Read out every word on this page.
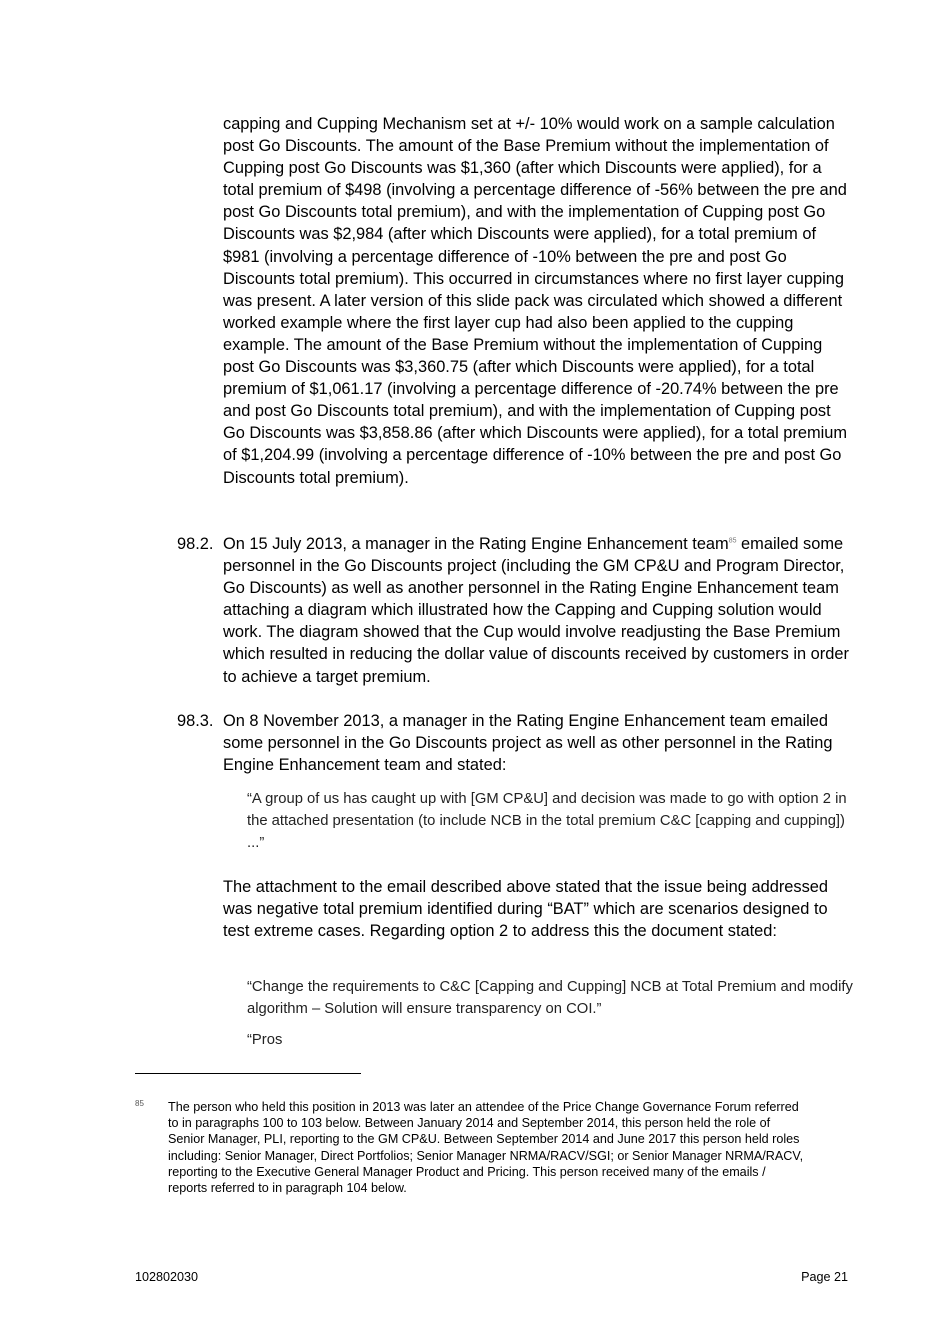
capping and Cupping Mechanism set at +/- 10% would work on a sample calculation post Go Discounts. The amount of the Base Premium without the implementation of Cupping post Go Discounts was $1,360 (after which Discounts were applied), for a total premium of $498 (involving a percentage difference of -56% between the pre and post Go Discounts total premium), and with the implementation of Cupping post Go Discounts was $2,984 (after which Discounts were applied), for a total premium of $981 (involving a percentage difference of -10% between the pre and post Go Discounts total premium). This occurred in circumstances where no first layer cupping was present. A later version of this slide pack was circulated which showed a different worked example where the first layer cup had also been applied to the cupping example. The amount of the Base Premium without the implementation of Cupping post Go Discounts was $3,360.75 (after which Discounts were applied), for a total premium of $1,061.17 (involving a percentage difference of -20.74% between the pre and post Go Discounts total premium), and with the implementation of Cupping post Go Discounts was $3,858.86 (after which Discounts were applied), for a total premium of $1,204.99 (involving a percentage difference of -10% between the pre and post Go Discounts total premium).

98.2. On 15 July 2013, a manager in the Rating Engine Enhancement team$^{85}$ emailed some personnel in the Go Discounts project (including the GM CP&U and Program Director, Go Discounts) as well as another personnel in the Rating Engine Enhancement team attaching a diagram which illustrated how the Capping and Cupping solution would work. The diagram showed that the Cup would involve readjusting the Base Premium which resulted in reducing the dollar value of discounts received by customers in order to achieve a target premium.

98.3. On 8 November 2013, a manager in the Rating Engine Enhancement team emailed some personnel in the Go Discounts project as well as other personnel in the Rating Engine Enhancement team and stated:

“A group of us has caught up with [GM CP&U] and decision was made to go with option 2 in the attached presentation (to include NCB in the total premium C&C [capping and cupping]) ...”

The attachment to the email described above stated that the issue being addressed was negative total premium identified during “BAT” which are scenarios designed to test extreme cases. Regarding option 2 to address this the document stated:

“Change the requirements to C&C [Capping and Cupping] NCB at Total Premium and modify algorithm – Solution will ensure transparency on COI.”

“Pros

85 The person who held this position in 2013 was later an attendee of the Price Change Governance Forum referred to in paragraphs 100 to 103 below. Between January 2014 and September 2014, this person held the role of Senior Manager, PLI, reporting to the GM CP&U. Between September 2014 and June 2017 this person held roles including: Senior Manager, Direct Portfolios; Senior Manager NRMA/RACV/SGI; or Senior Manager NRMA/RACV, reporting to the Executive General Manager Product and Pricing. This person received many of the emails / reports referred to in paragraph 104 below.

102802030	Page 21
